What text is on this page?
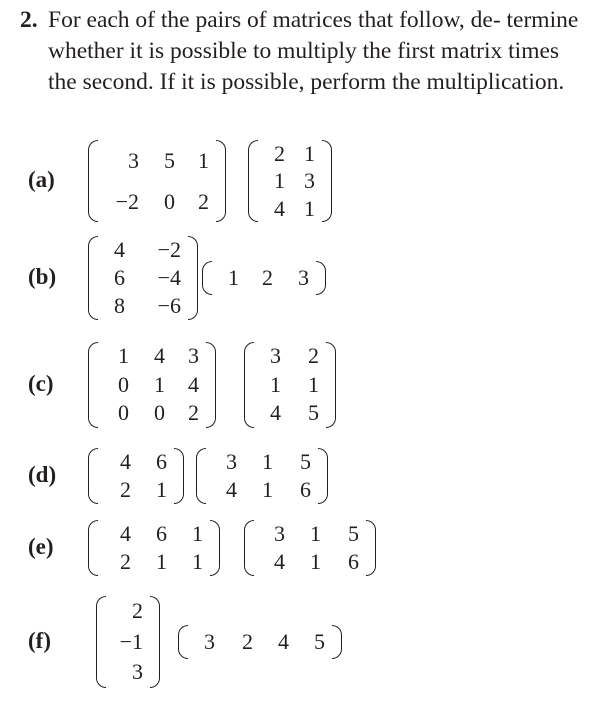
2. For each of the pairs of matrices that follow, de- termine whether it is possible to multiply the first matrix times the second. If it is possible, perform the multiplication.

(a)
3	5	1
−2	0	2
2 1
1 3
4 1
(b)
4	−2
6	−4
8	−6
1	2	3
(c)
1	4	3
0	1	4
0	0	2
3	2
1	1
4	5
(d)
4	6
2	1
3	1	5
4	1	6
(e)
4	6	1
2	1	1
3	1	5
4	1	6
(f)
2
−1
3
3	2	4	5
